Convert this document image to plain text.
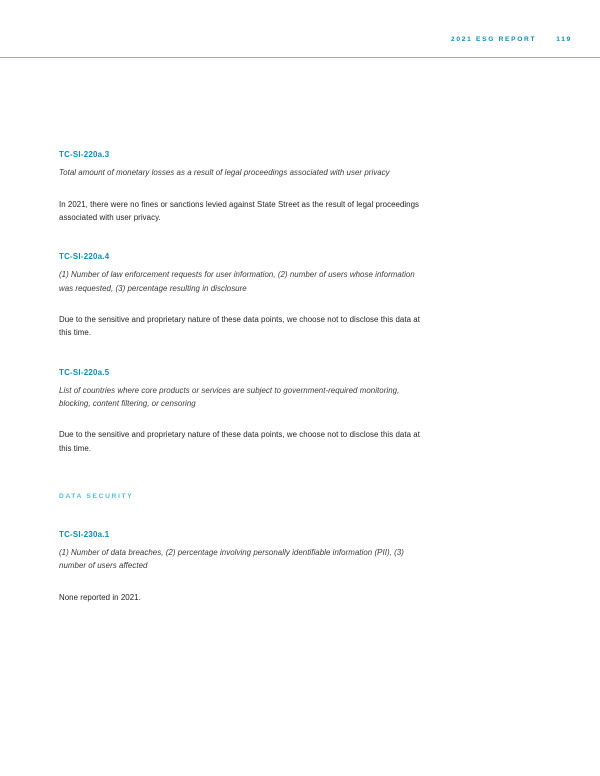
2021 ESG REPORT	119

TC-SI-220a.3

Total amount of monetary losses as a result of legal proceedings associated with user privacy

In 2021, there were no fines or sanctions levied against State Street as the result of legal proceedings associated with user privacy.

TC-SI-220a.4

(1) Number of law enforcement requests for user information, (2) number of users whose information was requested, (3) percentage resulting in disclosure

Due to the sensitive and proprietary nature of these data points, we choose not to disclose this data at this time.

TC-SI-220a.5

List of countries where core products or services are subject to government-required monitoring, blocking, content filtering, or censoring

Due to the sensitive and proprietary nature of these data points, we choose not to disclose this data at this time.

DATA SECURITY

TC-SI-230a.1

(1) Number of data breaches, (2) percentage involving personally identifiable information (PII), (3) number of users affected

None reported in 2021.
